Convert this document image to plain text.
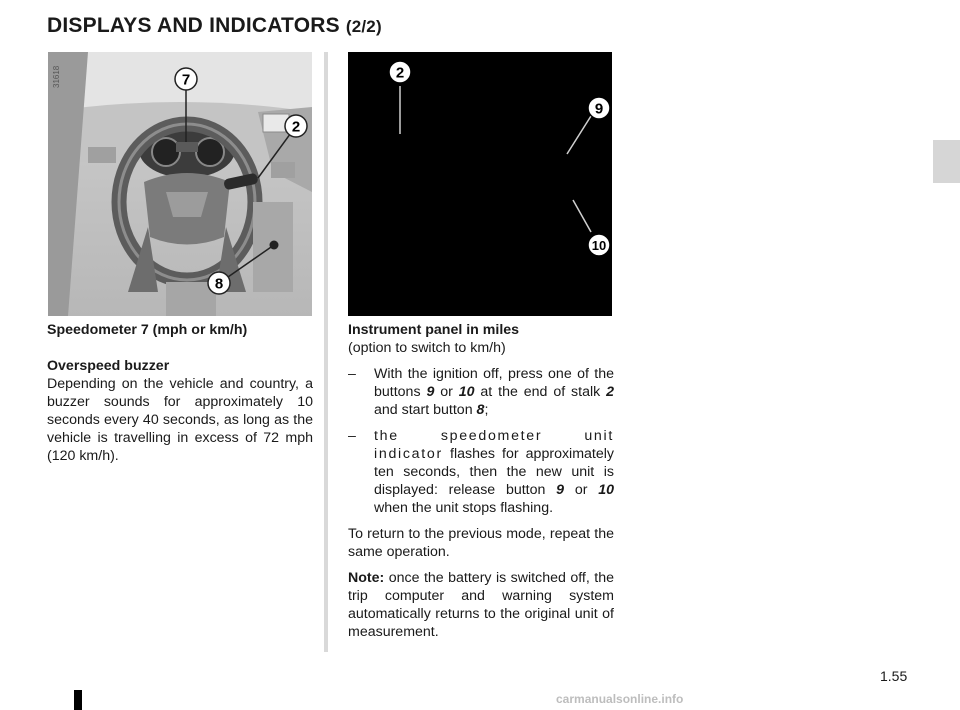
DISPLAYS AND INDICATORS (2/2)
7
2
8
31618	2
9
10

Speedometer 7 (mph or km/h)

Overspeed buzzer

Depending on the vehicle and country, a buzzer sounds for approximately 10 seconds every 40 seconds, as long as the vehicle is travelling in excess of 72 mph (120 km/h).

Instrument panel in miles

(option to switch to km/h)

–	With the ignition off, press one of the buttons 9 or 10 at the end of stalk 2 and start button 8;
–	the speedometer unit indicator flashes for approximately ten seconds, then the new unit is displayed: release button 9 or 10 when the unit stops flashing.

To return to the previous mode, repeat the same operation.

Note: once the battery is switched off, the trip computer and warning system automatically returns to the original unit of measurement.

1.55
carmanualsonline.info
